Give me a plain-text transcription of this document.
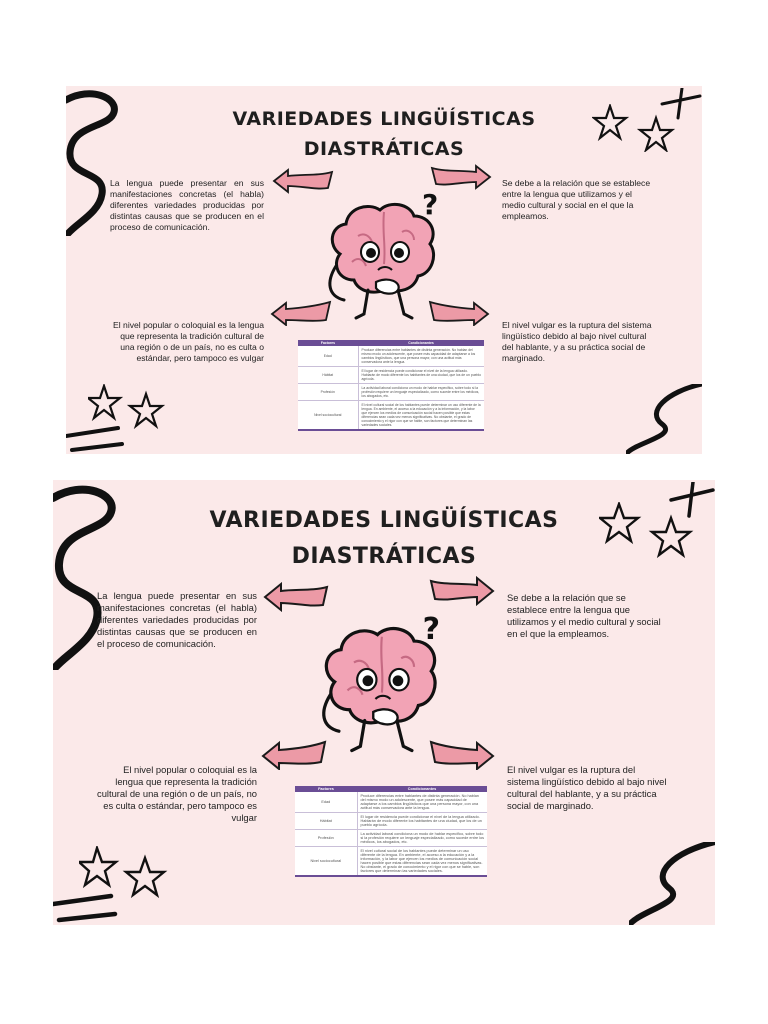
VARIEDADES LINGÜÍSTICAS
DIASTRÁTICAS
La lengua puede presentar en sus manifestaciones concretas (el habla) diferentes variedades producidas por distintas causas que se producen en el proceso de comunicación.
Se debe a la relación que se establece entre la lengua que utilizamos y el medio cultural y social en el que la empleamos.
El nivel popular o coloquial es la lengua que representa la tradición cultural de una región o de un país, no es culta o estándar, pero tampoco es vulgar
El nivel vulgar es la ruptura del sistema lingüístico debido al bajo nivel cultural del hablante, y a su práctica social de marginado.
?
Factores	Condicionantes
Edad	Produce diferencias entre hablantes de distinta generación. No hablan del mismo modo un adolescente, que posee más capacidad de adaptarse a los cambios lingüísticos, que una persona mayor, con una actitud más conservadora ante la lengua.
Hábitat	El lugar de residencia puede condicionar el nivel de la lengua utilizado. Hablarán de modo diferente los habitantes de una ciudad, que los de un pueblo agrícola.
Profesión	La actividad laboral condiciona un modo de hablar especifico, sobre todo si la profesión requiere un lenguaje especializado, como sucede entre los médicos, los abogados, etc.
Nivel sociocultural	El nivel cultural social de los hablantes puede determinar un uso diferente de la lengua. En ambiente, el acceso a la educación y a la información, y la labor que ejercen los medios de comunicación social hacen posible que estas diferencias sean cada vez menos significativas. No obstante, el grado de conocimiento y el rigor con que se hable, son factores que determinan las variedades sociales.
VARIEDADES LINGÜÍSTICAS
DIASTRÁTICAS
La lengua puede presentar en sus manifestaciones concretas (el habla) diferentes variedades producidas por distintas causas que se producen en el proceso de comunicación.
Se debe a la relación que se establece entre la lengua que utilizamos y el medio cultural y social en el que la empleamos.
El nivel popular o coloquial es la lengua que representa la tradición cultural de una región o de un país, no es culta o estándar, pero tampoco es vulgar
El nivel vulgar es la ruptura del sistema lingüístico debido al bajo nivel cultural del hablante, y a su práctica social de marginado.
?
Factores	Condicionantes
Edad	Produce diferencias entre hablantes de distinta generación. No hablan del mismo modo un adolescente, que posee más capacidad de adaptarse a los cambios lingüísticos que una persona mayor, con una actitud más conservadora ante la lengua.
Hábitat	El lugar de residencia puede condicionar el nivel de la lengua utilizado. Hablarán de modo diferente los habitantes de una ciudad, que los de un pueblo agrícola.
Profesión	La actividad laboral condiciona un modo de hablar específico, sobre todo si la profesión requiere un lenguaje especializado, como sucede entre los médicos, los abogados, etc.
Nivel sociocultural	El nivel cultural social de los hablantes puede determinar un uso diferente de la lengua. En ambiente, el acceso a la educación y a la información, y la labor que ejercen los medios de comunicación social hacen posible que estas diferencias sean cada vez menos significativas. No obstante, el grado de conocimiento y el rigor con que se hable, son factores que determinan las variedades sociales.
